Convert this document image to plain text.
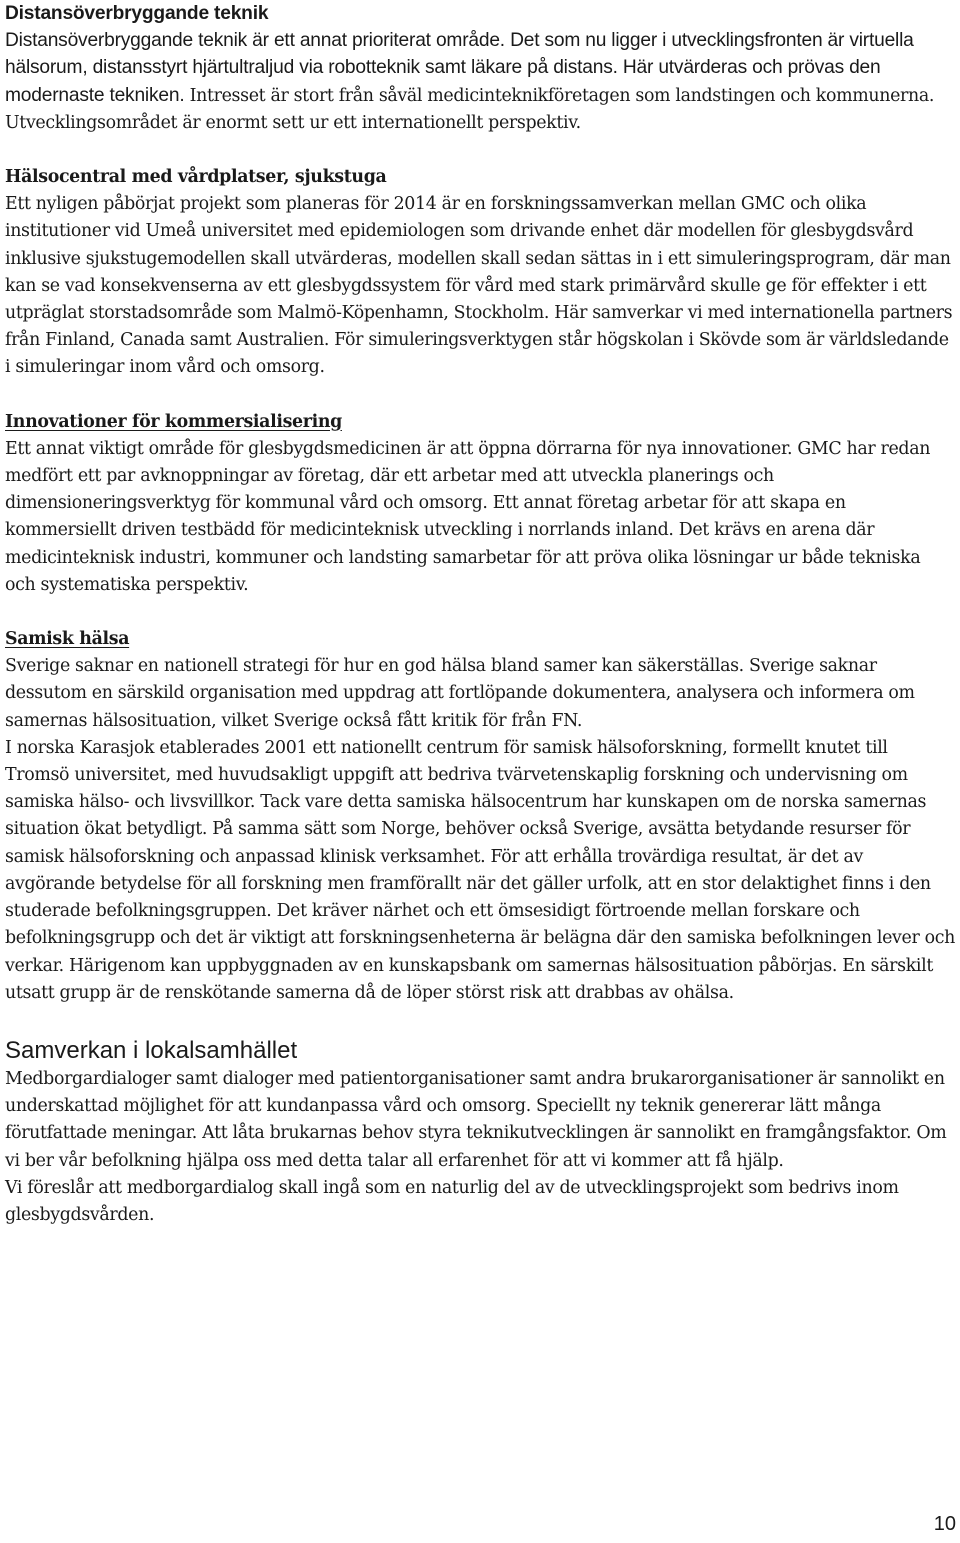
Distansöverbryggande teknik

Distansöverbryggande teknik är ett annat prioriterat område. Det som nu ligger i utvecklingsfronten är virtuella hälsorum, distansstyrt hjärtultraljud via robotteknik samt läkare på distans. Här utvärderas och prövas den modernaste tekniken. Intresset är stort från såväl medicinteknikföretagen som landstingen och kommunerna. Utvecklingsområdet är enormt sett ur ett internationellt perspektiv.

Hälsocentral med vårdplatser, sjukstuga

Ett nyligen påbörjat projekt som planeras för 2014 är en forskningssamverkan mellan GMC och olika institutioner vid Umeå universitet med epidemiologen som drivande enhet där modellen för glesbygdsvård inklusive sjukstugemodellen skall utvärderas, modellen skall sedan sättas in i ett simuleringsprogram, där man kan se vad konsekvenserna av ett glesbygdssystem för vård med stark primärvård skulle ge för effekter i ett utpräglat storstadsområde som Malmö-Köpenhamn, Stockholm. Här samverkar vi med internationella partners från Finland, Canada samt Australien. För simuleringsverktygen står högskolan i Skövde som är världsledande i simuleringar inom vård och omsorg.

Innovationer för kommersialisering

Ett annat viktigt område för glesbygdsmedicinen är att öppna dörrarna för nya innovationer. GMC har redan medfört ett par avknoppningar av företag, där ett arbetar med att utveckla planerings och dimensioneringsverktyg för kommunal vård och omsorg. Ett annat företag arbetar för att skapa en kommersiellt driven testbädd för medicinteknisk utveckling i norrlands inland. Det krävs en arena där medicinteknisk industri, kommuner och landsting samarbetar för att pröva olika lösningar ur både tekniska och systematiska perspektiv.

Samisk hälsa

Sverige saknar en nationell strategi för hur en god hälsa bland samer kan säkerställas. Sverige saknar dessutom en särskild organisation med uppdrag att fortlöpande dokumentera, analysera och informera om samernas hälsosituation, vilket Sverige också fått kritik för från FN.

I norska Karasjok etablerades 2001 ett nationellt centrum för samisk hälsoforskning, formellt knutet till Tromsö universitet, med huvudsakligt uppgift att bedriva tvärvetenskaplig forskning och undervisning om samiska hälso- och livsvillkor. Tack vare detta samiska hälsocentrum har kunskapen om de norska samernas situation ökat betydligt. På samma sätt som Norge, behöver också Sverige, avsätta betydande resurser för samisk hälsoforskning och anpassad klinisk verksamhet. För att erhålla trovärdiga resultat, är det av avgörande betydelse för all forskning men framförallt när det gäller urfolk, att en stor delaktighet finns i den studerade befolkningsgruppen. Det kräver närhet och ett ömsesidigt förtroende mellan forskare och befolkningsgrupp och det är viktigt att forskningsenheterna är belägna där den samiska befolkningen lever och verkar. Härigenom kan uppbyggnaden av en kunskapsbank om samernas hälsosituation påbörjas. En särskilt utsatt grupp är de renskötande samerna då de löper störst risk att drabbas av ohälsa.

Samverkan i lokalsamhället

Medborgardialoger samt dialoger med patientorganisationer samt andra brukarorganisationer är sannolikt en underskattad möjlighet för att kundanpassa vård och omsorg. Speciellt ny teknik genererar lätt många förutfattade meningar. Att låta brukarnas behov styra teknikutvecklingen är sannolikt en framgångsfaktor. Om vi ber vår befolkning hjälpa oss med detta talar all erfarenhet för att vi kommer att få hjälp.

Vi föreslår att medborgardialog skall ingå som en naturlig del av de utvecklingsprojekt som bedrivs inom glesbygdsvården.

10
